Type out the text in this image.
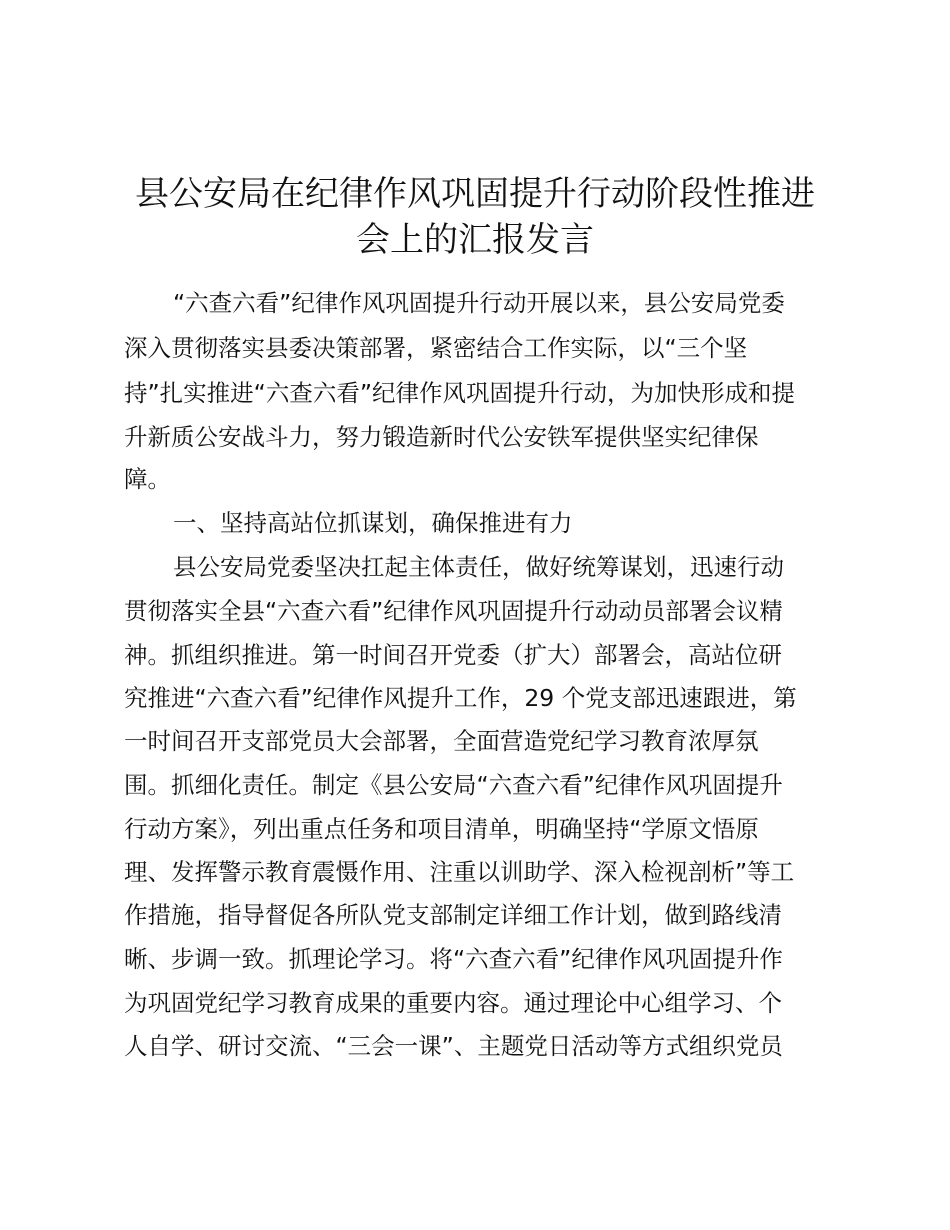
县公安局在纪律作风巩固提升行动阶段性推进
会上的汇报发言

“六查六看”纪律作风巩固提升行动开展以来，县公安局党委

深入贯彻落实县委决策部署，紧密结合工作实际，以“三个坚

持”扎实推进“六查六看”纪律作风巩固提升行动，为加快形成和提

升新质公安战斗力，努力锻造新时代公安铁军提供坚实纪律保

障。

一、坚持高站位抓谋划，确保推进有力

县公安局党委坚决扛起主体责任，做好统筹谋划，迅速行动

贯彻落实全县“六查六看”纪律作风巩固提升行动动员部署会议精

神。抓组织推进。第一时间召开党委（扩大）部署会，高站位研

究推进“六查六看”纪律作风提升工作，29 个党支部迅速跟进，第

一时间召开支部党员大会部署，全面营造党纪学习教育浓厚氛

围。抓细化责任。制定《县公安局“六查六看”纪律作风巩固提升

行动方案》，列出重点任务和项目清单，明确坚持“学原文悟原

理、发挥警示教育震慑作用、注重以训助学、深入检视剖析”等工

作措施，指导督促各所队党支部制定详细工作计划，做到路线清

晰、步调一致。抓理论学习。将“六查六看”纪律作风巩固提升作

为巩固党纪学习教育成果的重要内容。通过理论中心组学习、个

人自学、研讨交流、“三会一课”、主题党日活动等方式组织党员
